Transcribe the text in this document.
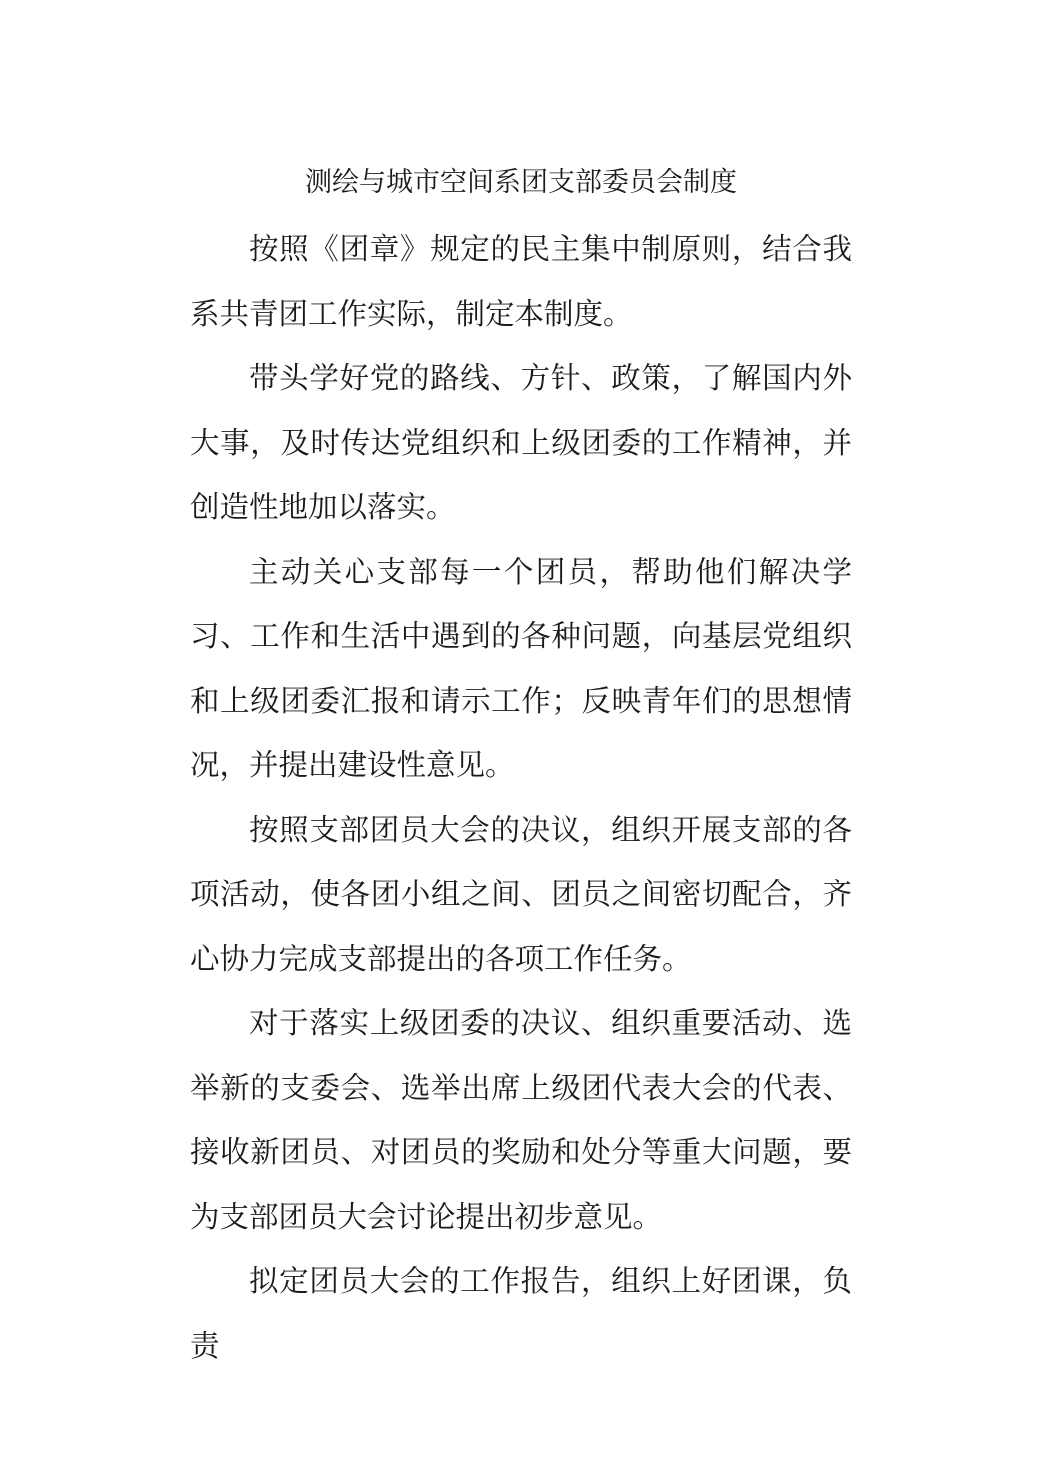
测绘与城市空间系团支部委员会制度

按照《团章》规定的民主集中制原则，结合我系共青团工作实际，制定本制度。

带头学好党的路线、方针、政策，了解国内外大事，及时传达党组织和上级团委的工作精神，并创造性地加以落实。

主动关心支部每一个团员，帮助他们解决学习、工作和生活中遇到的各种问题，向基层党组织和上级团委汇报和请示工作；反映青年们的思想情况，并提出建设性意见。

按照支部团员大会的决议，组织开展支部的各项活动，使各团小组之间、团员之间密切配合，齐心协力完成支部提出的各项工作任务。

对于落实上级团委的决议、组织重要活动、选举新的支委会、选举出席上级团代表大会的代表、接收新团员、对团员的奖励和处分等重大问题，要为支部团员大会讨论提出初步意见。

拟定团员大会的工作报告，组织上好团课，负责
